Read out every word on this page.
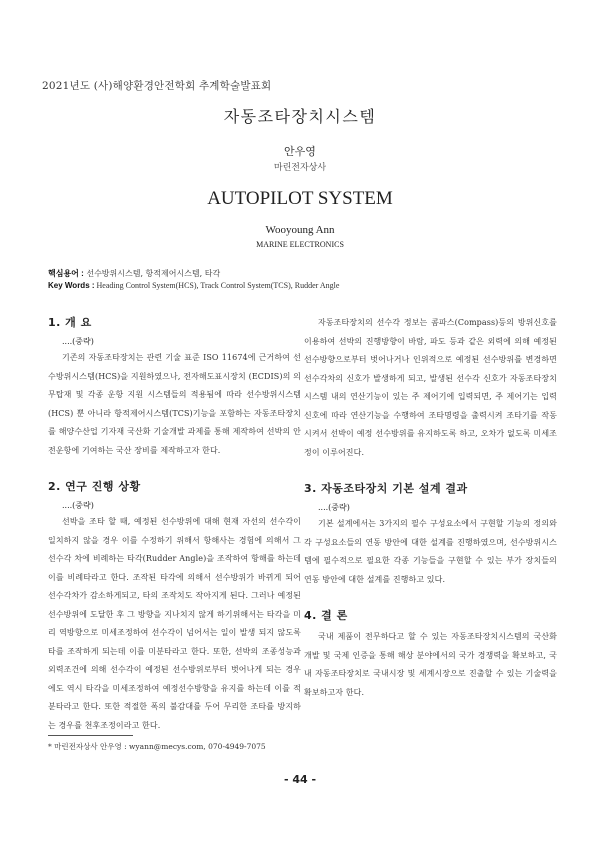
2021년도 (사)해양환경안전학회 추계학술발표회
자동조타장치시스템
안우영
마린전자상사
AUTOPILOT SYSTEM
Wooyoung Ann
MARINE ELECTRONICS
핵심용어 : 선수방위시스템, 항적제어시스템, 타각
Key Words : Heading Control System(HCS), Track Control System(TCS), Rudder Angle
1. 개 요
....(중략)

기존의 자동조타장치는 관련 기술 표준 ISO 11674에 근거하여 선수방위시스템(HCS)을 지원하였으나, 전자해도표시장치 (ECDIS)의 의무탑재 및 각종 운항 지원 시스템들의 적용됨에 따라 선수방위시스템(HCS) 뿐 아니라 항적제어시스템(TCS)기능을 포함하는 자동조타장치를 해양수산업 기자재 국산화 기술개발 과제를 통해 제작하여 선박의 안전운항에 기여하는 국산 장비를 제작하고자 한다.

2. 연구 진행 상황
....(중략)

선박을 조타 할 때, 예정된 선수방위에 대해 현재 자선의 선수각이 일치하지 않을 경우 이를 수정하기 위해서 항해사는 경험에 의해서 그 선수각 차에 비례하는 타각(Rudder Angle)을 조작하여 항해를 하는데 이를 비례타라고 한다. 조작된 타각에 의해서 선수방위가 바뀌게 되어 선수각차가 감소하게되고, 타의 조작치도 작아지게 된다. 그러나 예정된 선수방위에 도달한 후 그 방향을 지나치지 않게 하기위해서는 타각을 미리 역방향으로 미세조정하여 선수각이 넘어서는 일이 발생 되지 않도록 타를 조작하게 되는데 이를 미분타라고 한다. 또한, 선박의 조종성능과 외력조건에 의해 선수각이 예정된 선수방위로부터 벗어나게 되는 경우에도 역시 타각을 미세조정하여 예정선수방향을 유지를 하는데 이를 적분타라고 한다. 또한 적절한 폭의 불감대를 두어 무리한 조타를 방지하는 경우를 천후조정이라고 한다.

자동조타장치의 선수각 정보는 콤파스(Compass)등의 방위신호를 이용하여 선박의 진행방향이 바람, 파도 등과 같은 외력에 의해 예정된 선수방향으로부터 벗어나거나 인위적으로 예정된 선수방위를 변경하면 선수각차의 신호가 발생하게 되고, 발생된 선수각 신호가 자동조타장치시스템 내의 연산기능이 있는 주 제어기에 입력되면, 주 제어기는 입력신호에 따라 연산기능을 수행하여 조타명령을 출력시켜 조타기를 작동시켜서 선박이 예정 선수방위를 유지하도록 하고, 오차가 없도록 미세조정이 이루어진다.

3. 자동조타장치 기본 설계 결과
....(중략)

기본 설계에서는 3가지의 필수 구성요소에서 구현할 기능의 정의와 각 구성요소들의 연동 방안에 대한 설계를 진행하였으며, 선수방위시스템에 필수적으로 필요한 각종 기능들을 구현할 수 있는 부가 장치들의 연동 방안에 대한 설계를 진행하고 있다.

4. 결 론

국내 제품이 전무하다고 할 수 있는 자동조타장치시스템의 국산화 개발 및 국제 인증을 통해 해상 분야에서의 국가 경쟁력을 확보하고, 국내 자동조타장치로 국내시장 및 세계시장으로 진출할 수 있는 기술력을 확보하고자 한다.

* 마린전자상사 안우영 : wyann@mecys.com, 070-4949-7075
- 44 -
